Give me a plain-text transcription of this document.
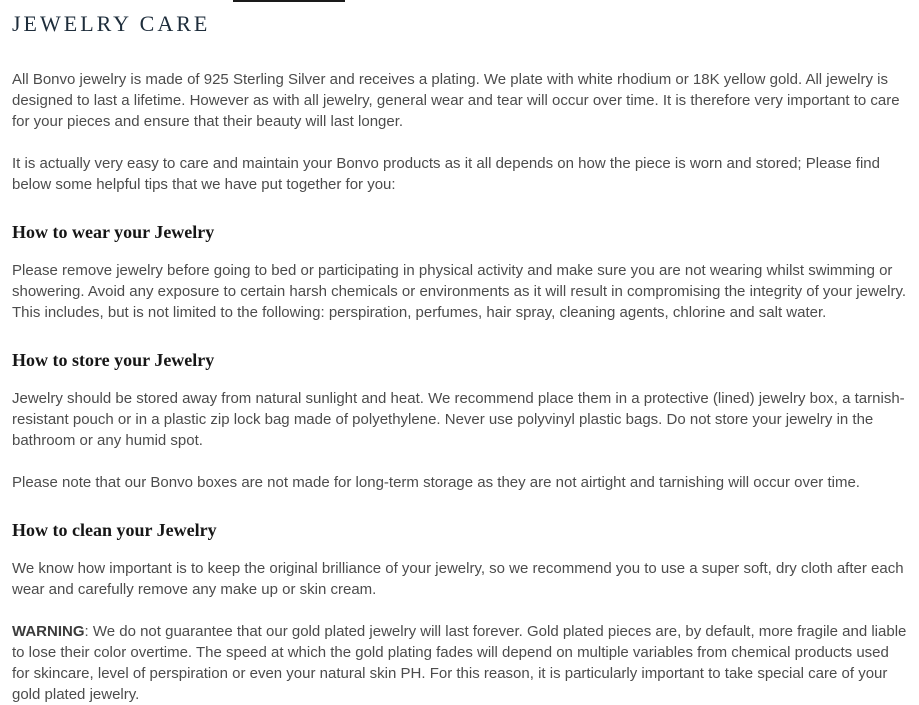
JEWELRY CARE

All Bonvo jewelry is made of 925 Sterling Silver and receives a plating. We plate with white rhodium or 18K yellow gold. All jewelry is designed to last a lifetime. However as with all jewelry, general wear and tear will occur over time. It is therefore very important to care for your pieces and ensure that their beauty will last longer.

It is actually very easy to care and maintain your Bonvo products as it all depends on how the piece is worn and stored; Please find below some helpful tips that we have put together for you:

How to wear your Jewelry

Please remove jewelry before going to bed or participating in physical activity and make sure you are not wearing whilst swimming or showering. Avoid any exposure to certain harsh chemicals or environments as it will result in compromising the integrity of your jewelry. This includes, but is not limited to the following: perspiration, perfumes, hair spray, cleaning agents, chlorine and salt water.

How to store your Jewelry

Jewelry should be stored away from natural sunlight and heat. We recommend place them in a protective (lined) jewelry box, a tarnish-resistant pouch or in a plastic zip lock bag made of polyethylene. Never use polyvinyl plastic bags. Do not store your jewelry in the bathroom or any humid spot.

Please note that our Bonvo boxes are not made for long-term storage as they are not airtight and tarnishing will occur over time.

How to clean your Jewelry

We know how important is to keep the original brilliance of your jewelry, so we recommend you to use a super soft, dry cloth after each wear and carefully remove any make up or skin cream.

WARNING: We do not guarantee that our gold plated jewelry will last forever. Gold plated pieces are, by default, more fragile and liable to lose their color overtime. The speed at which the gold plating fades will depend on multiple variables from chemical products used for skincare, level of perspiration or even your natural skin PH. For this reason, it is particularly important to take special care of your gold plated jewelry.
